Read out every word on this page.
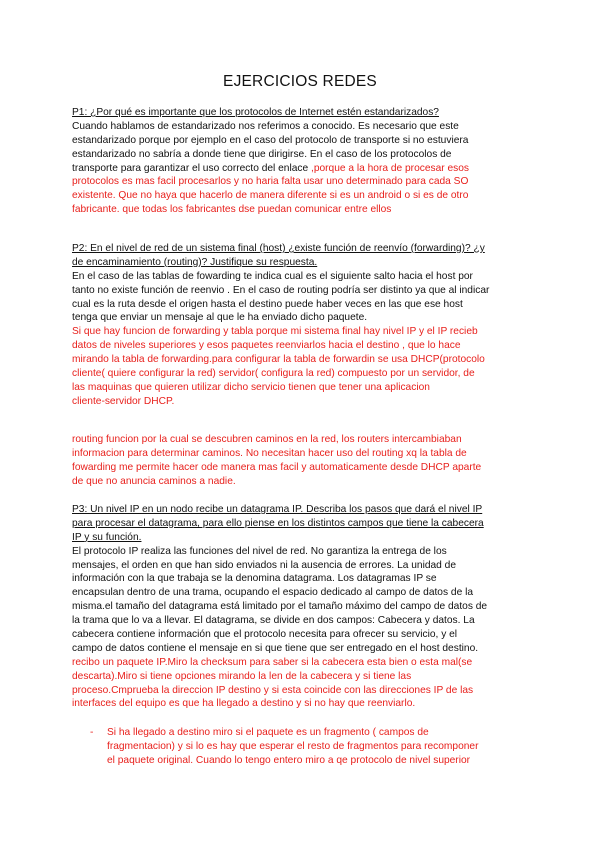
EJERCICIOS REDES
P1: ¿Por qué es importante que los protocolos de Internet estén estandarizados?
Cuando hablamos de estandarizado nos referimos a conocido. Es necesario que este
estandarizado porque por ejemplo en el caso del protocolo de transporte si no estuviera
estandarizado no sabría a donde tiene que dirigirse. En el caso de los protocolos de
transporte para garantizar el uso correcto del enlace ,porque a la hora de procesar esos
protocolos es mas facil procesarlos y no haria falta usar uno determinado para cada SO
existente. Que no haya que hacerlo de manera diferente si es un android o si es de otro
fabricante. que todas los fabricantes dse puedan comunicar entre ellos
P2: En el nivel de red de un sistema final (host) ¿existe función de reenvío (forwarding)? ¿y
de encaminamiento (routing)? Justifique su respuesta.
En el caso de las tablas de fowarding te indica cual es el siguiente salto hacia el host por
tanto no existe función de reenvio . En el caso de routing podría ser distinto ya que al indicar
cual es la ruta desde el origen hasta el destino puede haber veces en las que ese host
tenga que enviar un mensaje al que le ha enviado dicho paquete.
Si que hay funcion de forwarding y tabla porque mi sistema final hay nivel IP y el IP recieb
datos de niveles superiores y esos paquetes reenviarlos hacia el destino , que lo hace
mirando la tabla de forwarding.para configurar la tabla de forwardin se usa DHCP(protocolo
cliente( quiere configurar la red) servidor( configura la red) compuesto por un servidor, de
las maquinas que quieren utilizar dicho servicio tienen que tener una aplicacion
cliente-servidor DHCP.
routing funcion por la cual se descubren caminos en la red, los routers intercambiaban
informacion para determinar caminos. No necesitan hacer uso del routing xq la tabla de
fowarding me permite hacer ode manera mas facil y automaticamente desde DHCP aparte
de que no anuncia caminos a nadie.
P3: Un nivel IP en un nodo recibe un datagrama IP. Describa los pasos que dará el nivel IP
para procesar el datagrama, para ello piense en los distintos campos que tiene la cabecera
IP y su función.
El protocolo IP realiza las funciones del nivel de red. No garantiza la entrega de los
mensajes, el orden en que han sido enviados ni la ausencia de errores. La unidad de
información con la que trabaja se la denomina datagrama. Los datagramas IP se
encapsulan dentro de una trama, ocupando el espacio dedicado al campo de datos de la
misma.el tamaño del datagrama está limitado por el tamaño máximo del campo de datos de
la trama que lo va a llevar. El datagrama, se divide en dos campos: Cabecera y datos. La
cabecera contiene información que el protocolo necesita para ofrecer su servicio, y el
campo de datos contiene el mensaje en si que tiene que ser entregado en el host destino.
recibo un paquete IP.Miro la checksum para saber si la cabecera esta bien o esta mal(se
descarta).Miro si tiene opciones mirando la len de la cabecera y si tiene las
proceso.Cmprueba la direccion IP destino y si esta coincide con las direcciones IP de las
interfaces del equipo es que ha llegado a destino y si no hay que reenviarlo.
- Si ha llegado a destino miro si el paquete es un fragmento ( campos de
fragmentacion) y si lo es hay que esperar el resto de fragmentos para recomponer
el paquete original. Cuando lo tengo entero miro a qe protocolo de nivel superior
